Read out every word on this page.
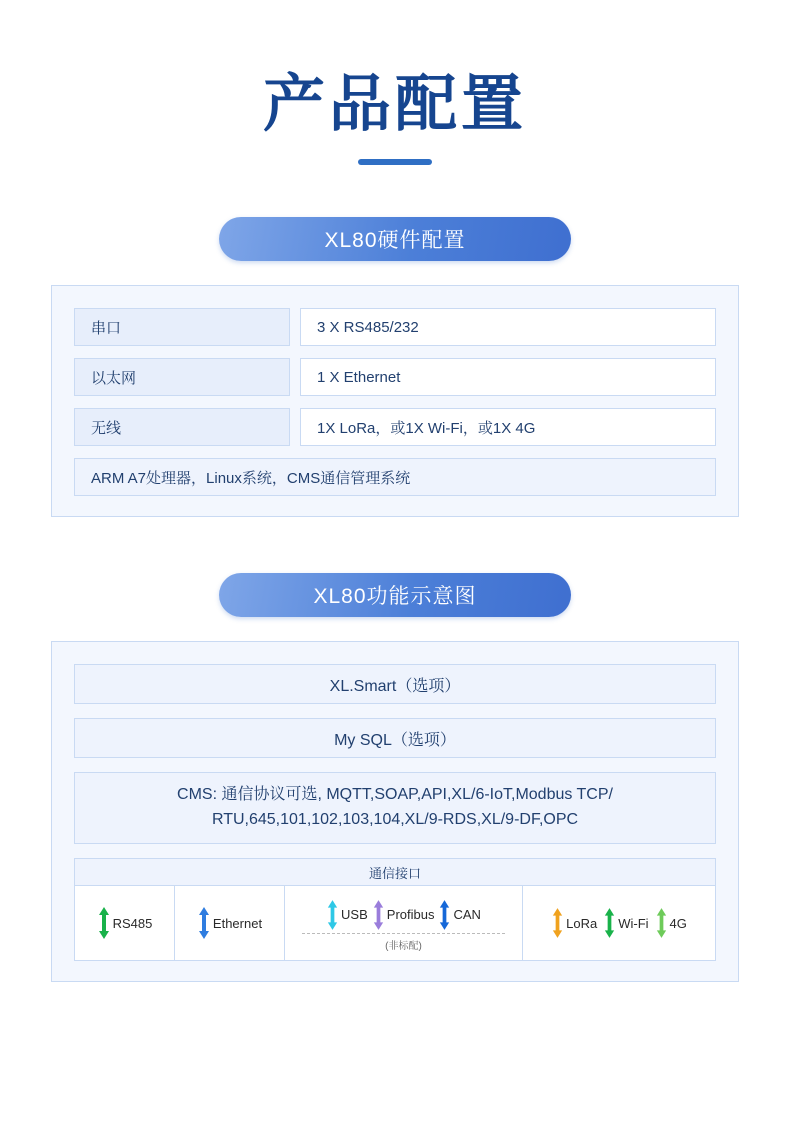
产品配置
XL80硬件配置
串口	3 X RS485/232
以太网	1 X Ethernet
无线	1X LoRa，或1X Wi-Fi，或1X 4G
ARM A7处理器，Linux系统，CMS通信管理系统
XL80功能示意图
XL.Smart（选项）
My SQL（选项）
CMS: 通信协议可选, MQTT,SOAP,API,XL/6-IoT,Modbus TCP/
RTU,645,101,102,103,104,XL/9-RDS,XL/9-DF,OPC
通信接口
RS485	Ethernet
USB Profibus CAN
(非标配)
LoRa Wi-Fi 4G
